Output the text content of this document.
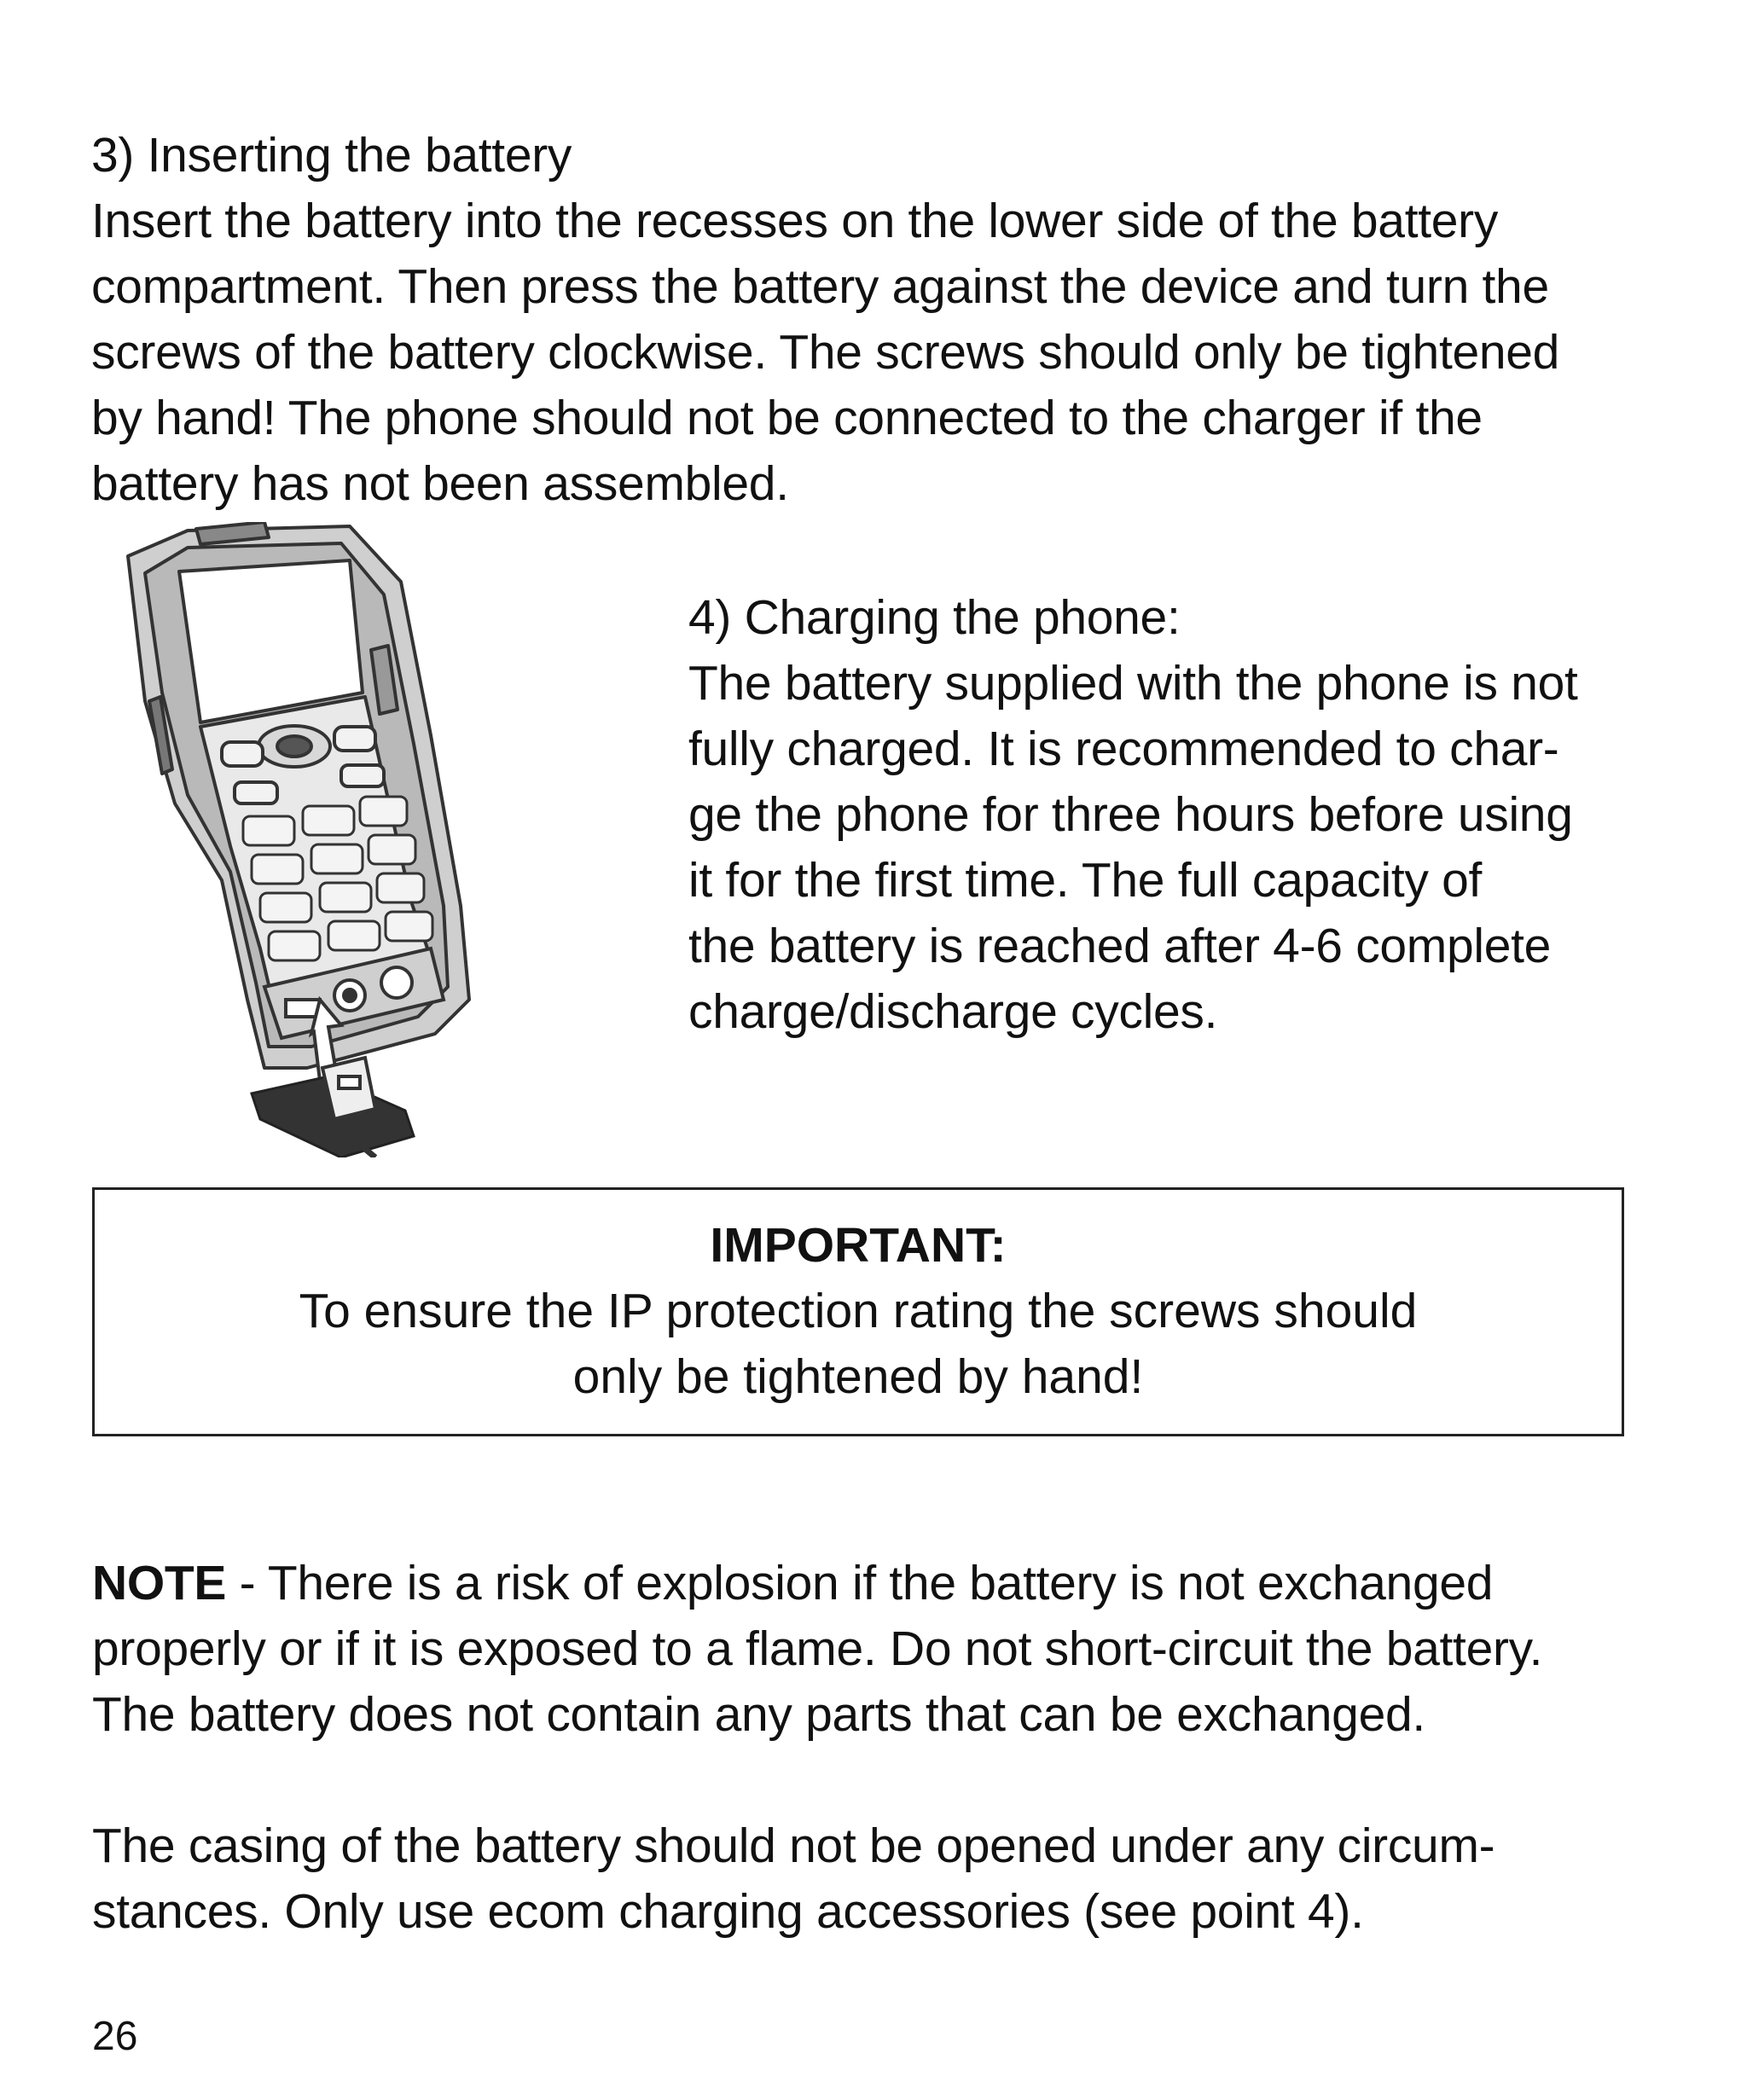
3) Inserting the battery
Insert the battery into the recesses on the lower side of the battery
compartment. Then press the battery against the device and turn the
screws of the battery clockwise. The screws should only be tightened
by hand! The phone should not be connected to the charger if the
battery has not been assembled.
4) Charging the phone:
The battery supplied with the phone is not
fully charged. It is recommended to char-
ge the phone for three hours before using
it for the first time. The full capacity of
the battery is reached after 4-6 complete
charge/discharge cycles.
IMPORTANT:
To ensure the IP protection rating the screws should
only be tightened by hand!
NOTE - There is a risk of explosion if the battery is not exchanged
properly or if it is exposed to a flame. Do not short-circuit the battery.
The battery does not contain any parts that can be exchanged.
The casing of the battery should not be opened under any circum-
stances. Only use ecom charging accessories (see point 4).
26
